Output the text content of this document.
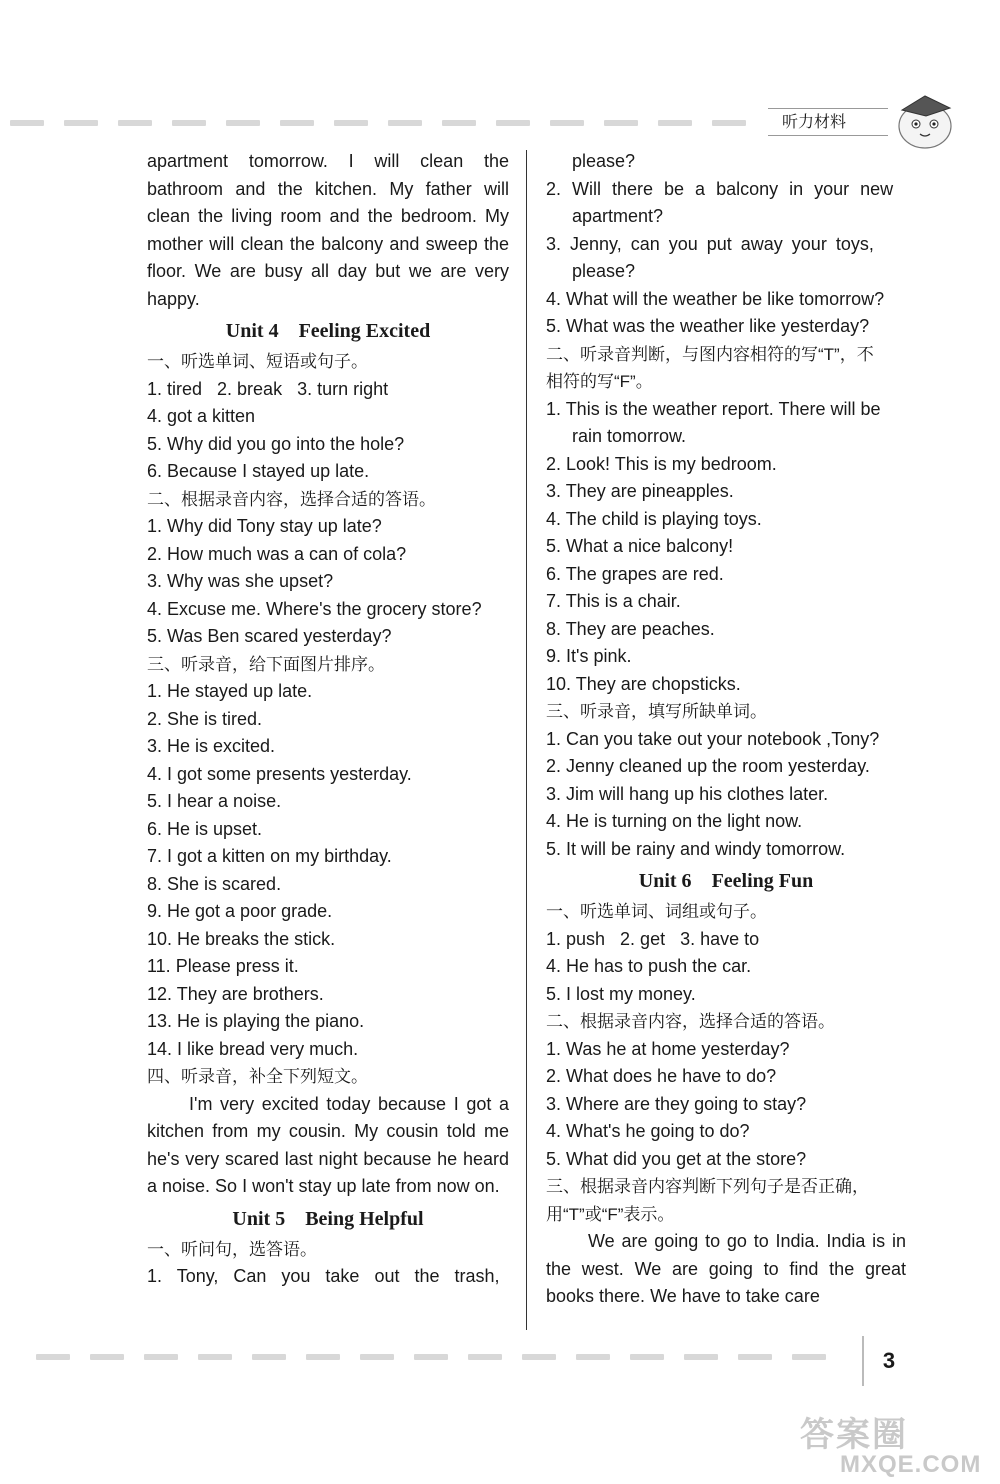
听力材料
apartment tomorrow. I will clean the bathroom and the kitchen. My father will clean the living room and the bedroom. My mother will clean the balcony and sweep the floor. We are busy all day but we are very happy.
Unit 4 Feeling Excited
一、听选单词、短语或句子。
1. tired   2. break   3. turn right
4. got a kitten
5. Why did you go into the hole?
6. Because I stayed up late.
二、根据录音内容，选择合适的答语。
1. Why did Tony stay up late?
2. How much was a can of cola?
3. Why was she upset?
4. Excuse me. Where's the grocery store?
5. Was Ben scared yesterday?
三、听录音，给下面图片排序。
1. He stayed up late.
2. She is tired.
3. He is excited.
4. I got some presents yesterday.
5. I hear a noise.
6. He is upset.
7. I got a kitten on my birthday.
8. She is scared.
9. He got a poor grade.
10. He breaks the stick.
11. Please press it.
12. They are brothers.
13. He is playing the piano.
14. I like bread very much.
四、听录音，补全下列短文。
I'm very excited today because I got a kitchen from my cousin. My cousin told me he's very scared last night because he heard a noise. So I won't stay up late from now on.
Unit 5 Being Helpful
一、听问句，选答语。
1. Tony, Can you take out the trash,
please?
2. Will there be a balcony in your new
apartment?
3. Jenny, can you put away your toys,
please?
4. What will the weather be like tomorrow?
5. What was the weather like yesterday?
二、听录音判断，与图内容相符的写“T”，不
相符的写“F”。
1. This is the weather report. There will be
rain tomorrow.
2. Look! This is my bedroom.
3. They are pineapples.
4. The child is playing toys.
5. What a nice balcony!
6. The grapes are red.
7. This is a chair.
8. They are peaches.
9. It's pink.
10. They are chopsticks.
三、听录音，填写所缺单词。
1. Can you take out your notebook ,Tony?
2. Jenny cleaned up the room yesterday.
3. Jim will hang up his clothes later.
4. He is turning on the light now.
5. It will be rainy and windy tomorrow.
Unit 6 Feeling Fun
一、听选单词、词组或句子。
1. push   2. get   3. have to
4. He has to push the car.
5. I lost my money.
二、根据录音内容，选择合适的答语。
1. Was he at home yesterday?
2. What does he have to do?
3. Where are they going to stay?
4. What's he going to do?
5. What did you get at the store?
三、根据录音内容判断下列句子是否正确，
用“T”或“F”表示。
We are going to go to India. India is in the west. We are going to find the great books there. We have to take care
3
答案圈
MXQE.COM
